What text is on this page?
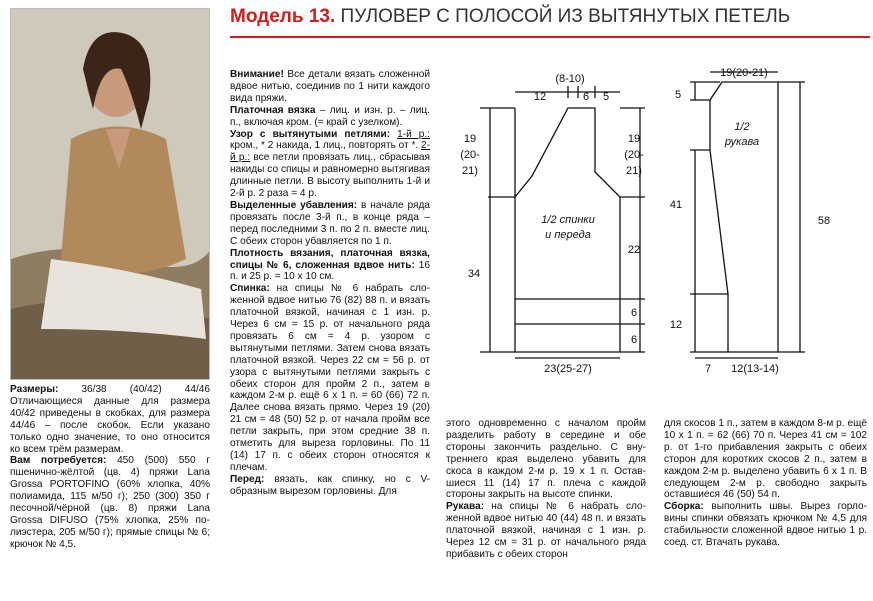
Модель 13. ПУЛОВЕР С ПОЛОСОЙ ИЗ ВЫТЯНУТЫХ ПЕТЕЛЬ

Размеры: 36/38 (40/42) 44/46 Отличающиеся данные для размера 40/42 приведены в скобках, для размера 44/46 – после скобок. Если указано только одно значение, то оно относится ко всем трём размерам.

Вам потребуется: 450 (500) 550 г пшенично-жёлтой (цв. 4) пряжи Lana Grossa PORTOFINO (60% хлопка, 40% полиамида, 115 м/50 г); 250 (300) 350 г песочной/чёрной (цв. 8) пряжи Lana Grossa DIFUSO (75% хлопка, 25% полиэстера, 205 м/50 г); прямые спицы № 6; крючок № 4,5.

Внимание! Все детали вязать сложенной вдвое нитью, соединив по 1 нити каждого вида пряжи.

Платочная вязка – лиц. и изн. р. – лиц. п., включая кром. (= край с узелком).

Узор с вытянутыми петлями: 1-й р.: кром., * 2 накида, 1 лиц., повторять от *. 2-й р.: все петли провязать лиц., сбрасывая накиды со спицы и равномерно вытягивая длинные петли. В высоту выполнить 1-й и 2-й р. 2 раза = 4 р.

Выделенные убавления: в начале ряда провязать после 3-й п., в конце ряда – перед последними 3 п. по 2 п. вместе лиц. С обеих сторон убавляется по 1 п.

Плотность вязания, платочная вязка, спицы № 6, сложенная вдвое нить: 16 п. и 25 р. = 10 x 10 см.

Спинка: на спицы № 6 набрать сложенной вдвое нитью 76 (82) 88 п. и вязать платочной вязкой, начиная с 1 изн. р. Через 6 см = 15 р. от начального ряда провязать 6 см = 4 р. узором с вытянутыми петлями. Затем снова вязать платочной вязкой. Через 22 см = 56 р. от узора с вытянутыми петлями закрыть с обеих сторон для пройм 2 п., затем в каждом 2-м р. ещё 6 x 1 п. = 60 (66) 72 п. Далее снова вязать прямо. Через 19 (20) 21 см = 48 (50) 52 р. от начала пройм все петли закрыть, при этом средние 38 п. отметить для выреза горловины. По 11 (14) 17 п. с обеих сторон относятся к плечам.

Перед: вязать, как спинку, но с V-образным вырезом горловины. Для

этого одновременно с началом пройм разделить работу в середине и обе стороны закончить раздельно. С внутреннего края выделено убавить для скоса в каждом 2-м р. 19 x 1 п. Оставшиеся 11 (14) 17 п. плеча с каждой стороны закрыть на высоте спинки.

Рукава: на спицы № 6 набрать сложенной вдвое нитью 40 (44) 48 п. и вязать платочной вязкой, начиная с 1 изн. р. Через 12 см = 31 р. от начального ряда прибавить с обеих сторон

для скосов 1 п., затем в каждом 8-м р. ещё 10 x 1 п. = 62 (66) 70 п. Через 41 см = 102 р. от 1-го прибавления закрыть с обеих сторон для коротких скосов 2 п., затем в каждом 2-м р. выделено убавить 6 x 1 п. В следующем 2-м р. свободно закрыть оставшиеся 46 (50) 54 п.

Сборка: выполнить швы. Вырез горловины спинки обвязать крючком № 4,5 для стабильности сложенной вдвое нитью 1 р. соед. ст. Втачать рукава.

(8-10)
12	6 5
19
(20-
21)
19
(20-
21)
1/2 спинки
и переда
22
34
6
6
23(25-27)
19(20-21)
5
1/2
рукава
41
58
12
7 12(13-14)
